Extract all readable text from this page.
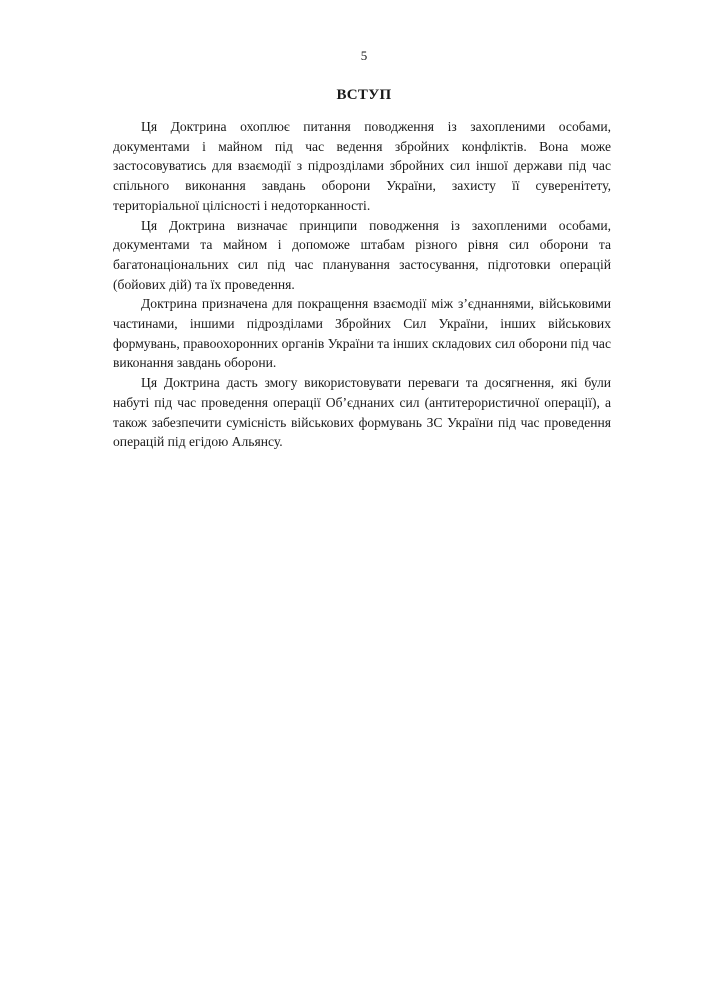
5
ВСТУП

Ця Доктрина охоплює питання поводження із захопленими особами, документами і майном під час ведення збройних конфліктів. Вона може застосовуватись для взаємодії з підрозділами збройних сил іншої держави під час спільного виконання завдань оборони України, захисту її суверенітету, територіальної цілісності і недоторканності.

Ця Доктрина визначає принципи поводження із захопленими особами, документами та майном і допоможе штабам різного рівня сил оборони та багатонаціональних сил під час планування застосування, підготовки операцій (бойових дій) та їх проведення.

Доктрина призначена для покращення взаємодії між з’єднаннями, військовими частинами, іншими підрозділами Збройних Сил України, інших військових формувань, правоохоронних органів України та інших складових сил оборони під час виконання завдань оборони.

Ця Доктрина дасть змогу використовувати переваги та досягнення, які були набуті під час проведення операції Об’єднаних сил (антитерористичної операції), а також забезпечити сумісність військових формувань ЗС України під час проведення операцій під егідою Альянсу.
